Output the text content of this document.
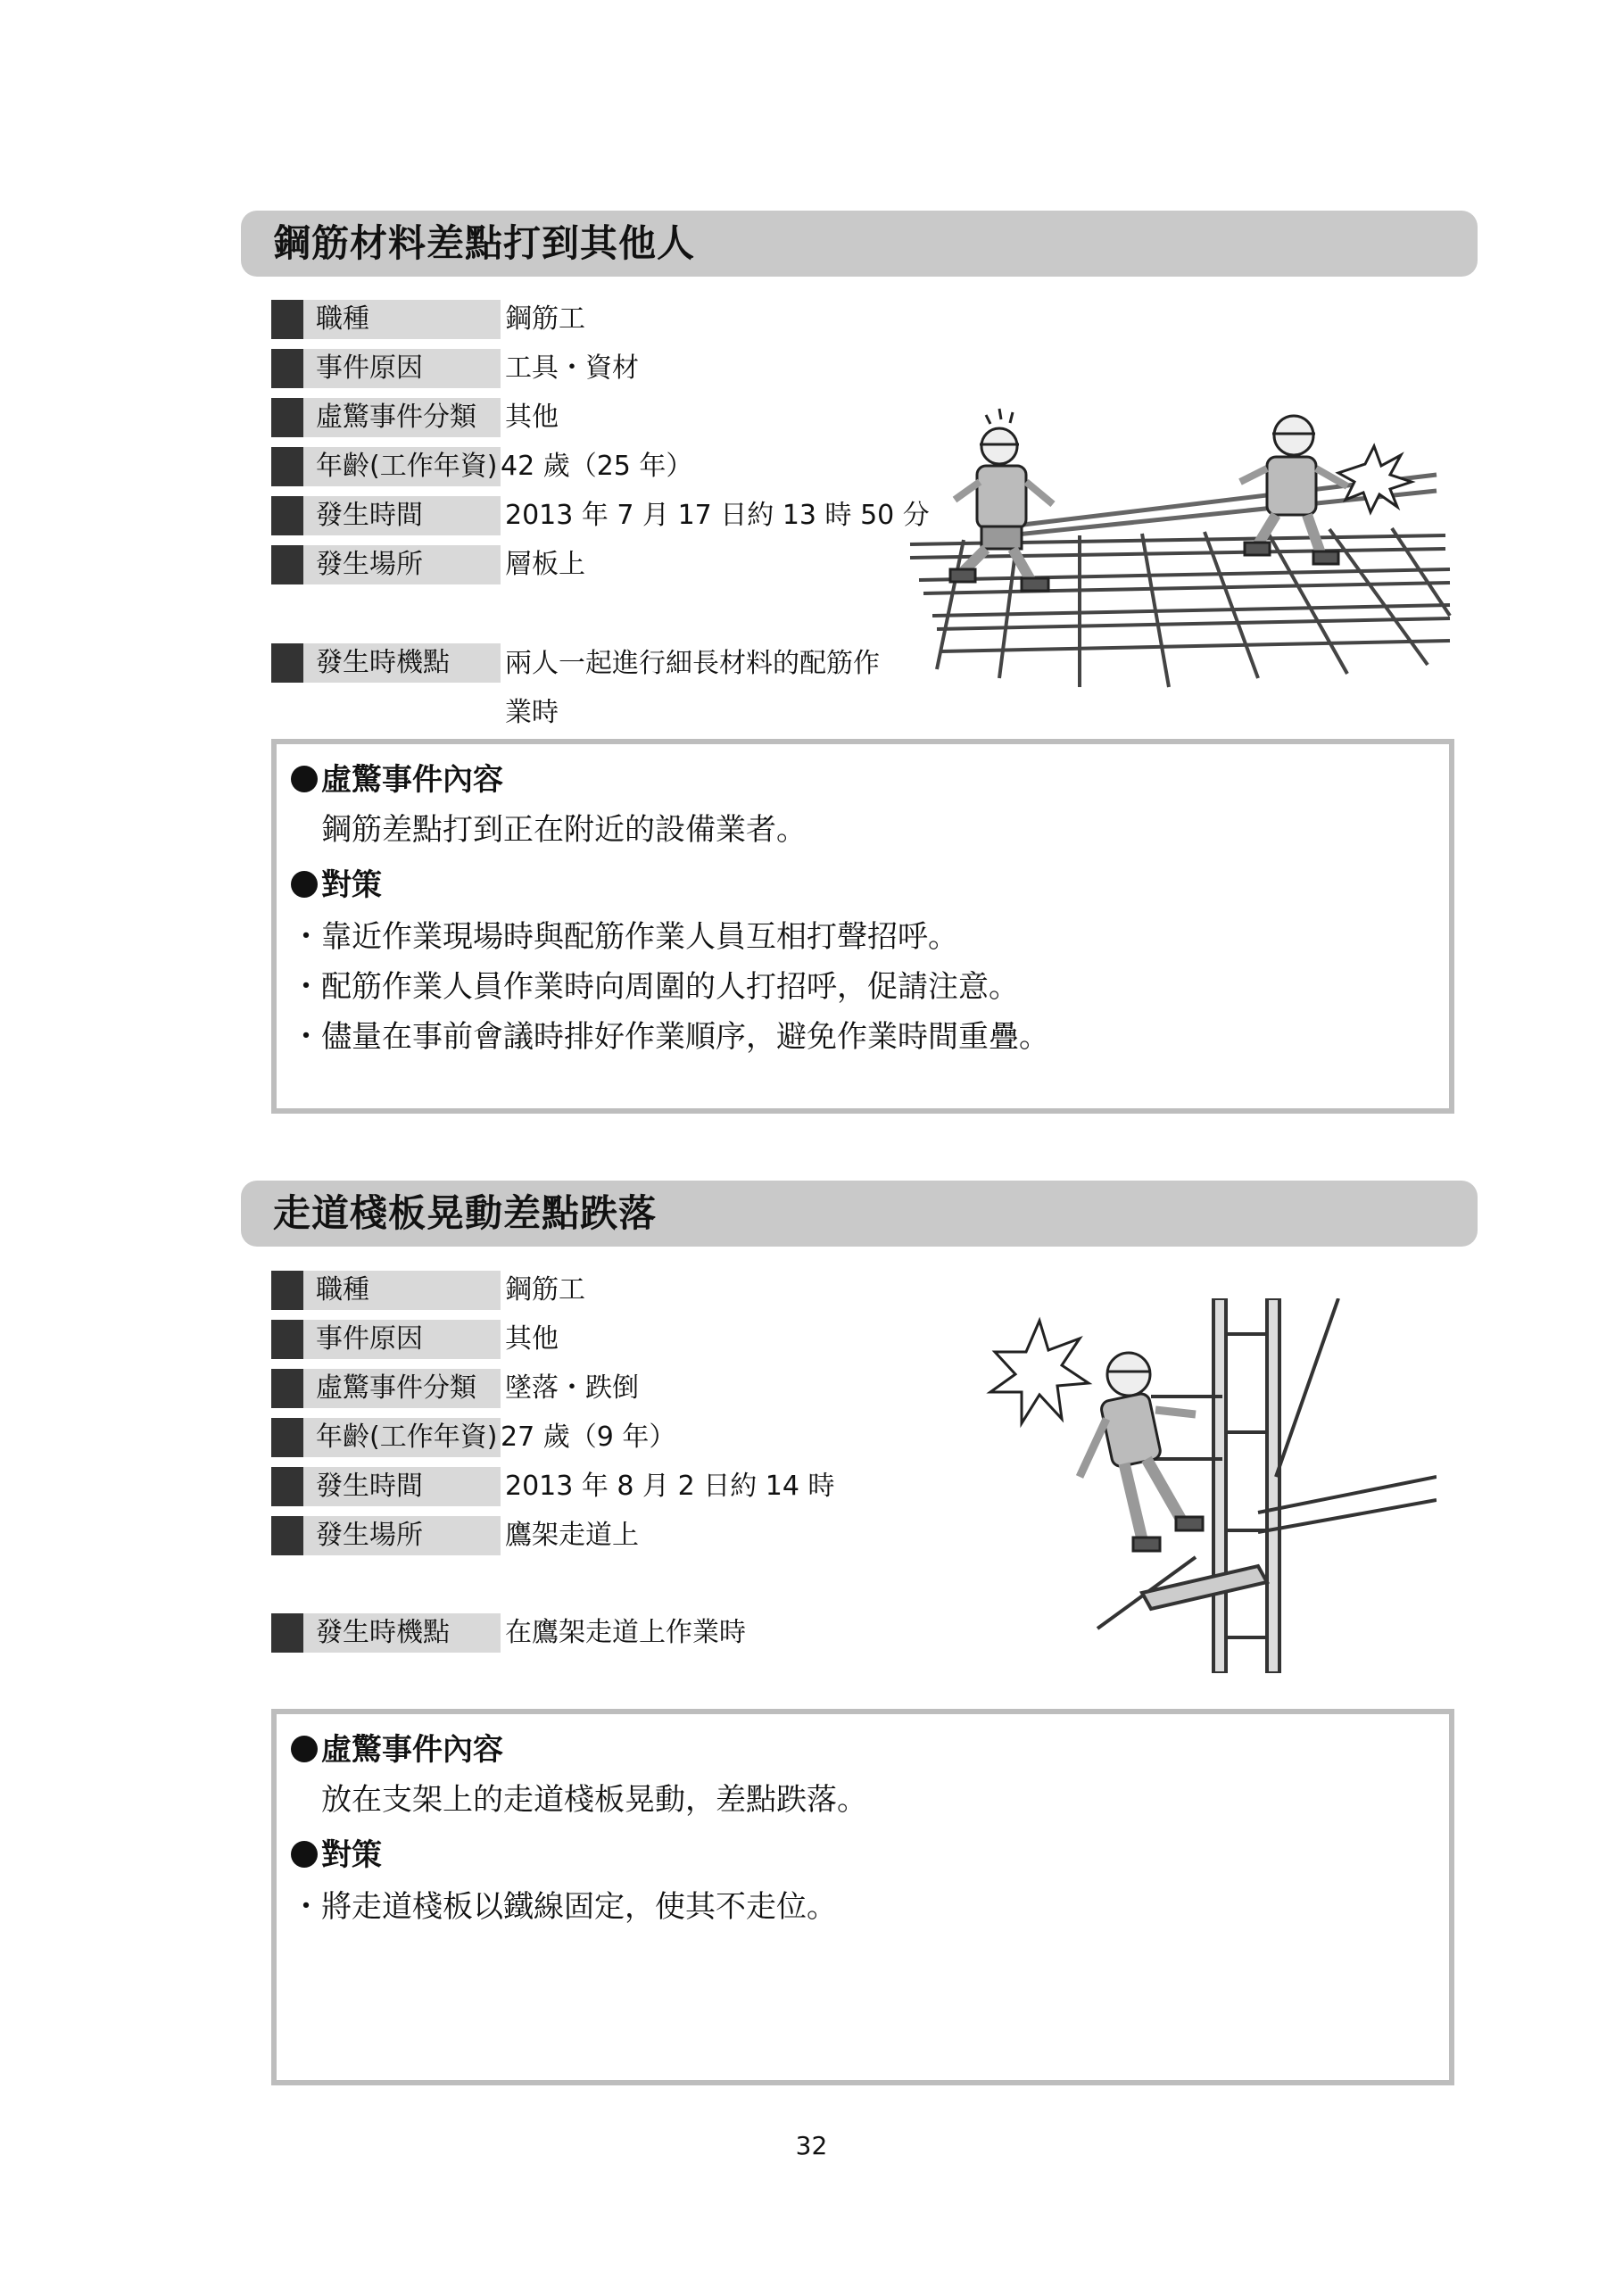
鋼筋材料差點打到其他人
職種	鋼筋工
事件原因	工具・資材
虛驚事件分類	其他
年齡(工作年資) 42 歲（25 年）
發生時間	2013 年 7 月 17 日約 13 時 50 分
發生場所	層板上
發生時機點	兩人一起進行細長材料的配筋作業時
虛驚事件內容
鋼筋差點打到正在附近的設備業者。
對策
・靠近作業現場時與配筋作業人員互相打聲招呼。
・配筋作業人員作業時向周圍的人打招呼，促請注意。
・儘量在事前會議時排好作業順序，避免作業時間重疊。
走道棧板晃動差點跌落
職種	鋼筋工
事件原因	其他
虛驚事件分類	墜落・跌倒
年齡(工作年資) 27 歲（9 年）
發生時間	2013 年 8 月 2 日約 14 時
發生場所	鷹架走道上
發生時機點	在鷹架走道上作業時
虛驚事件內容
放在支架上的走道棧板晃動，差點跌落。
對策
・將走道棧板以鐵線固定，使其不走位。
32
